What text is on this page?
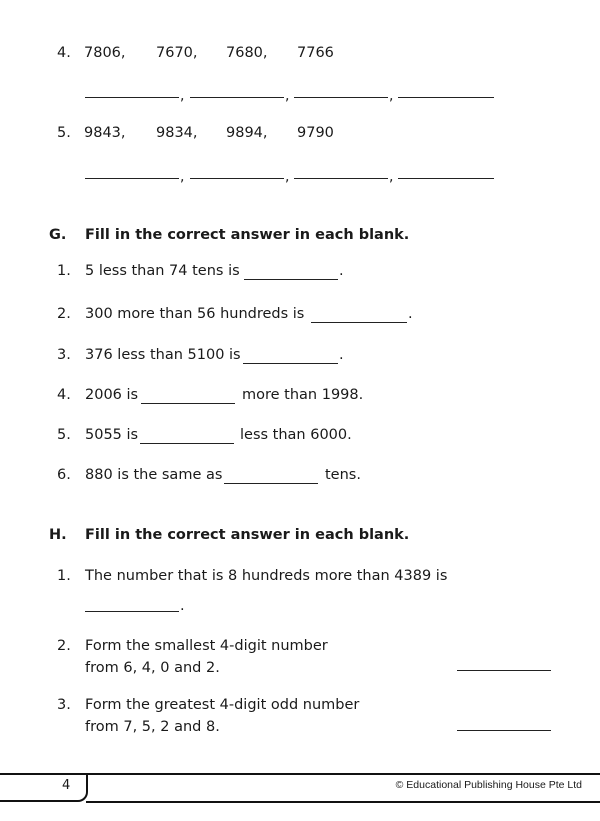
4. 7806, 7670, 7680, 7766
,	,	,
5. 9843, 9834, 9894, 9790
,	,	,
G. Fill in the correct answer in each blank.
1. 5 less than 74 tens is	.
2. 300 more than 56 hundreds is	.
3. 376 less than 5100 is	.
4. 2006 is	more than 1998.
5. 5055 is	less than 6000.
6. 880 is the same as	tens.
H. Fill in the correct answer in each blank.
1. The number that is 8 hundreds more than 4389 is
.
2. Form the smallest 4-digit number
from 6, 4, 0 and 2.
3. Form the greatest 4-digit odd number
from 7, 5, 2 and 8.
4	© Educational Publishing House Pte Ltd
